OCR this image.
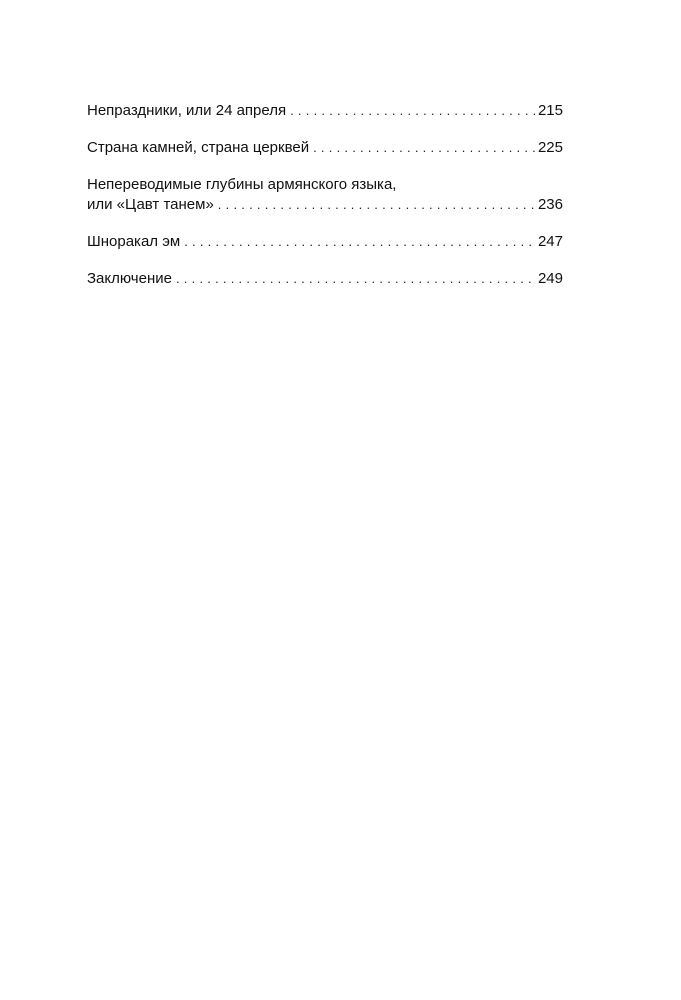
Непраздники, или 24 апреля . . .	215
Страна камней, страна церквей . . .	225
Непереводимые глубины армянского языка,
или «Цавт танем» . . .	236
Шноракал эм . . .	247
Заключение . . .	249
